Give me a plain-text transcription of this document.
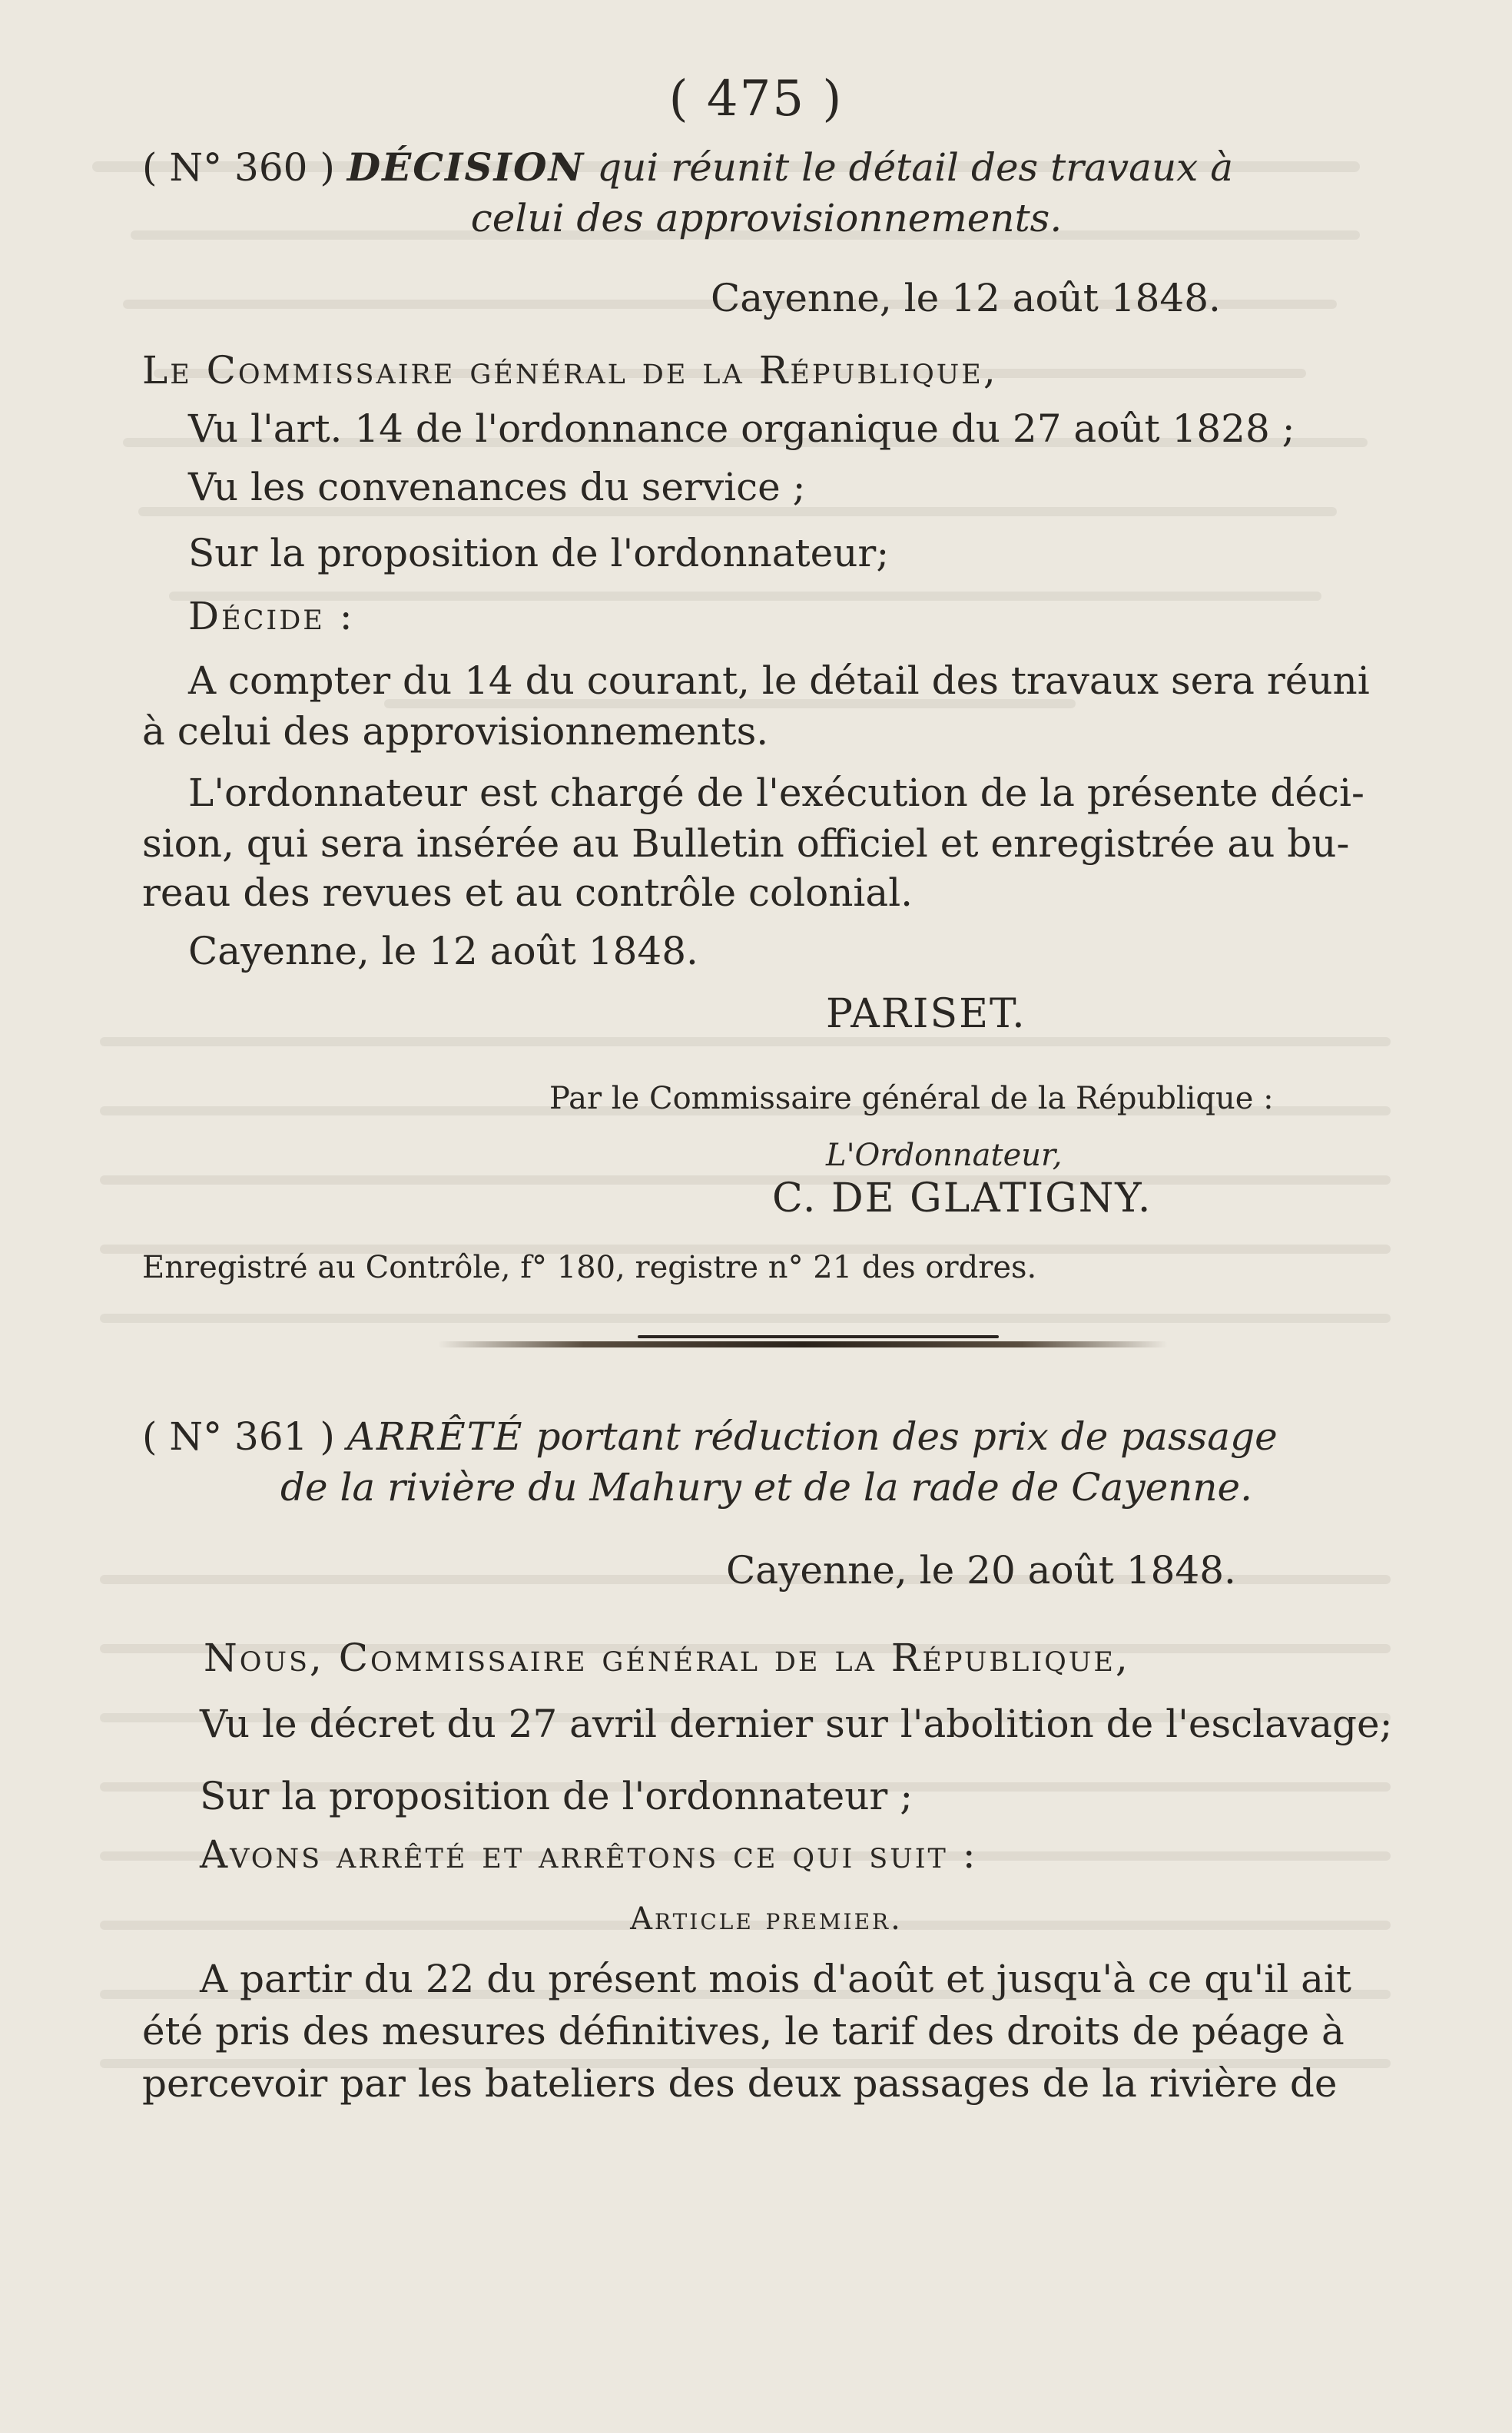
( 475 )
( N° 360 ) DÉCISION qui réunit le détail des travaux à
celui des approvisionnements.
Cayenne, le 12 août 1848.
Le Commissaire général de la République,
Vu l'art. 14 de l'ordonnance organique du 27 août 1828 ;
Vu les convenances du service ;
Sur la proposition de l'ordonnateur;
Décide :
A compter du 14 du courant, le détail des travaux sera réuni
à celui des approvisionnements.
L'ordonnateur est chargé de l'exécution de la présente déci-
sion, qui sera insérée au Bulletin officiel et enregistrée au bu-
reau des revues et au contrôle colonial.
Cayenne, le 12 août 1848.
PARISET.
Par le Commissaire général de la République :
L'Ordonnateur,
C. DE GLATIGNY.
Enregistré au Contrôle, f° 180, registre n° 21 des ordres.
( N° 361 ) ARRÊTÉ portant réduction des prix de passage
de la rivière du Mahury et de la rade de Cayenne.
Cayenne, le 20 août 1848.
Nous, Commissaire général de la République,
Vu le décret du 27 avril dernier sur l'abolition de l'esclavage;
Sur la proposition de l'ordonnateur ;
Avons arrêté et arrêtons ce qui suit :
Article premier.
A partir du 22 du présent mois d'août et jusqu'à ce qu'il ait
été pris des mesures définitives, le tarif des droits de péage à
percevoir par les bateliers des deux passages de la rivière de
